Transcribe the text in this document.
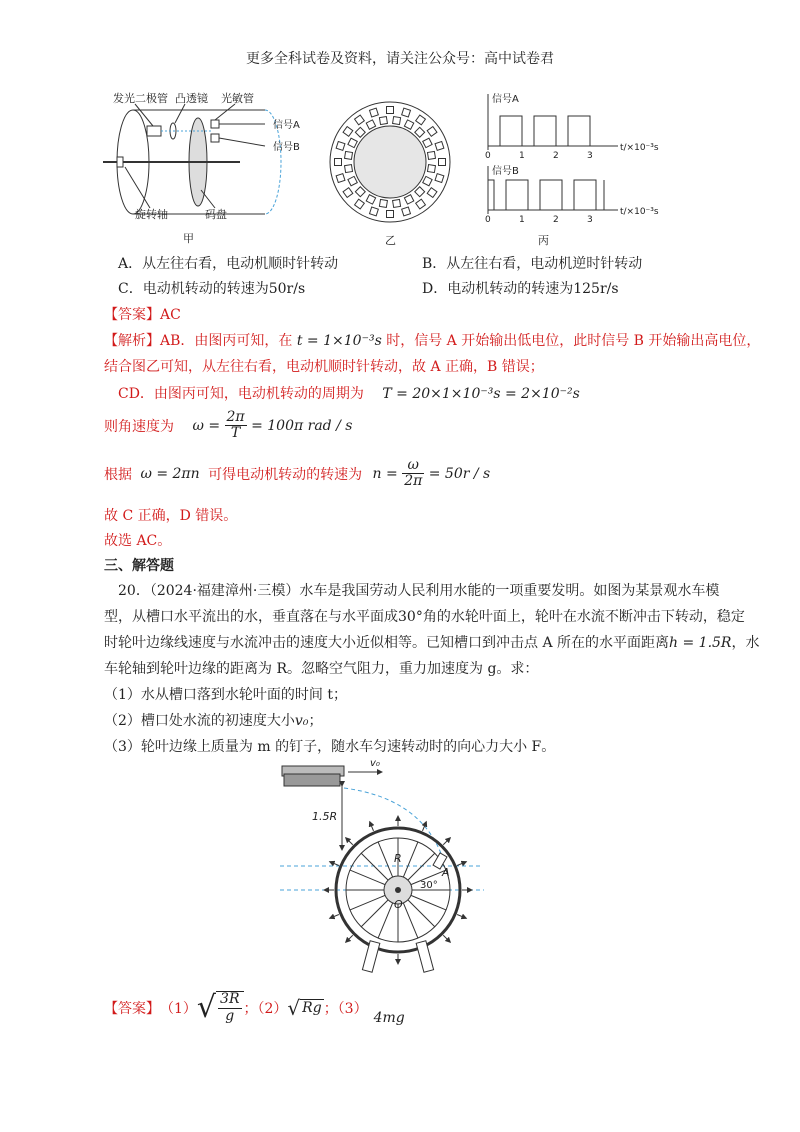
更多全科试卷及资料，请关注公众号：高中试卷君
发光二极管 凸透镜 光敏管
信号A
信号B
旋转轴	码盘
甲	乙
信号A
t/×10⁻³s
0	1	2	3
信号B
t/×10⁻³s
0	1	2	3
丙
A．从左往右看，电动机顺时针转动	B．从左往右看，电动机逆时针转动
C．电动机转动的转速为50r/s	D．电动机转动的转速为125r/s
【答案】AC
【解析】AB．由图丙可知，在 t = 1×10⁻³s 时，信号 A 开始输出低电位，此时信号 B 开始输出高电位，
结合图乙可知，从左往右看，电动机顺时针转动，故 A 正确，B 错误；
CD．由图丙可知，电动机转动的周期为 T = 20×1×10⁻³s = 2×10⁻²s
则角速度为 $\omega = \frac{2\pi}{T} = 100\pi$ rad / s
根据 ω = 2πn 可得电动机转动的转速为 $n = \frac{\omega}{2\pi} = 50r / s$
故 C 正确，D 错误。
故选 AC。
三、解答题
20．（2024·福建漳州·三模）水车是我国劳动人民利用水能的一项重要发明。如图为某景观水车模
型，从槽口水平流出的水，垂直落在与水平面成30°角的水轮叶面上，轮叶在水流不断冲击下转动，稳定
时轮叶边缘线速度与水流冲击的速度大小近似相等。已知槽口到冲击点 A 所在的水平面距离h = 1.5R，水
车轮轴到轮叶边缘的距离为 R。忽略空气阻力，重力加速度为 g。求：
（1）水从槽口落到水轮叶面的时间 t；
（2）槽口处水流的初速度大小v₀；
（3）轮叶边缘上质量为 m 的钉子，随水车匀速转动时的向心力大小 F。
v₀
1.5R
R
A
30°
O
【答案】 （1） √ $\frac{3R}{g}$ ；（2） √ Rg ；（3）
4mg
